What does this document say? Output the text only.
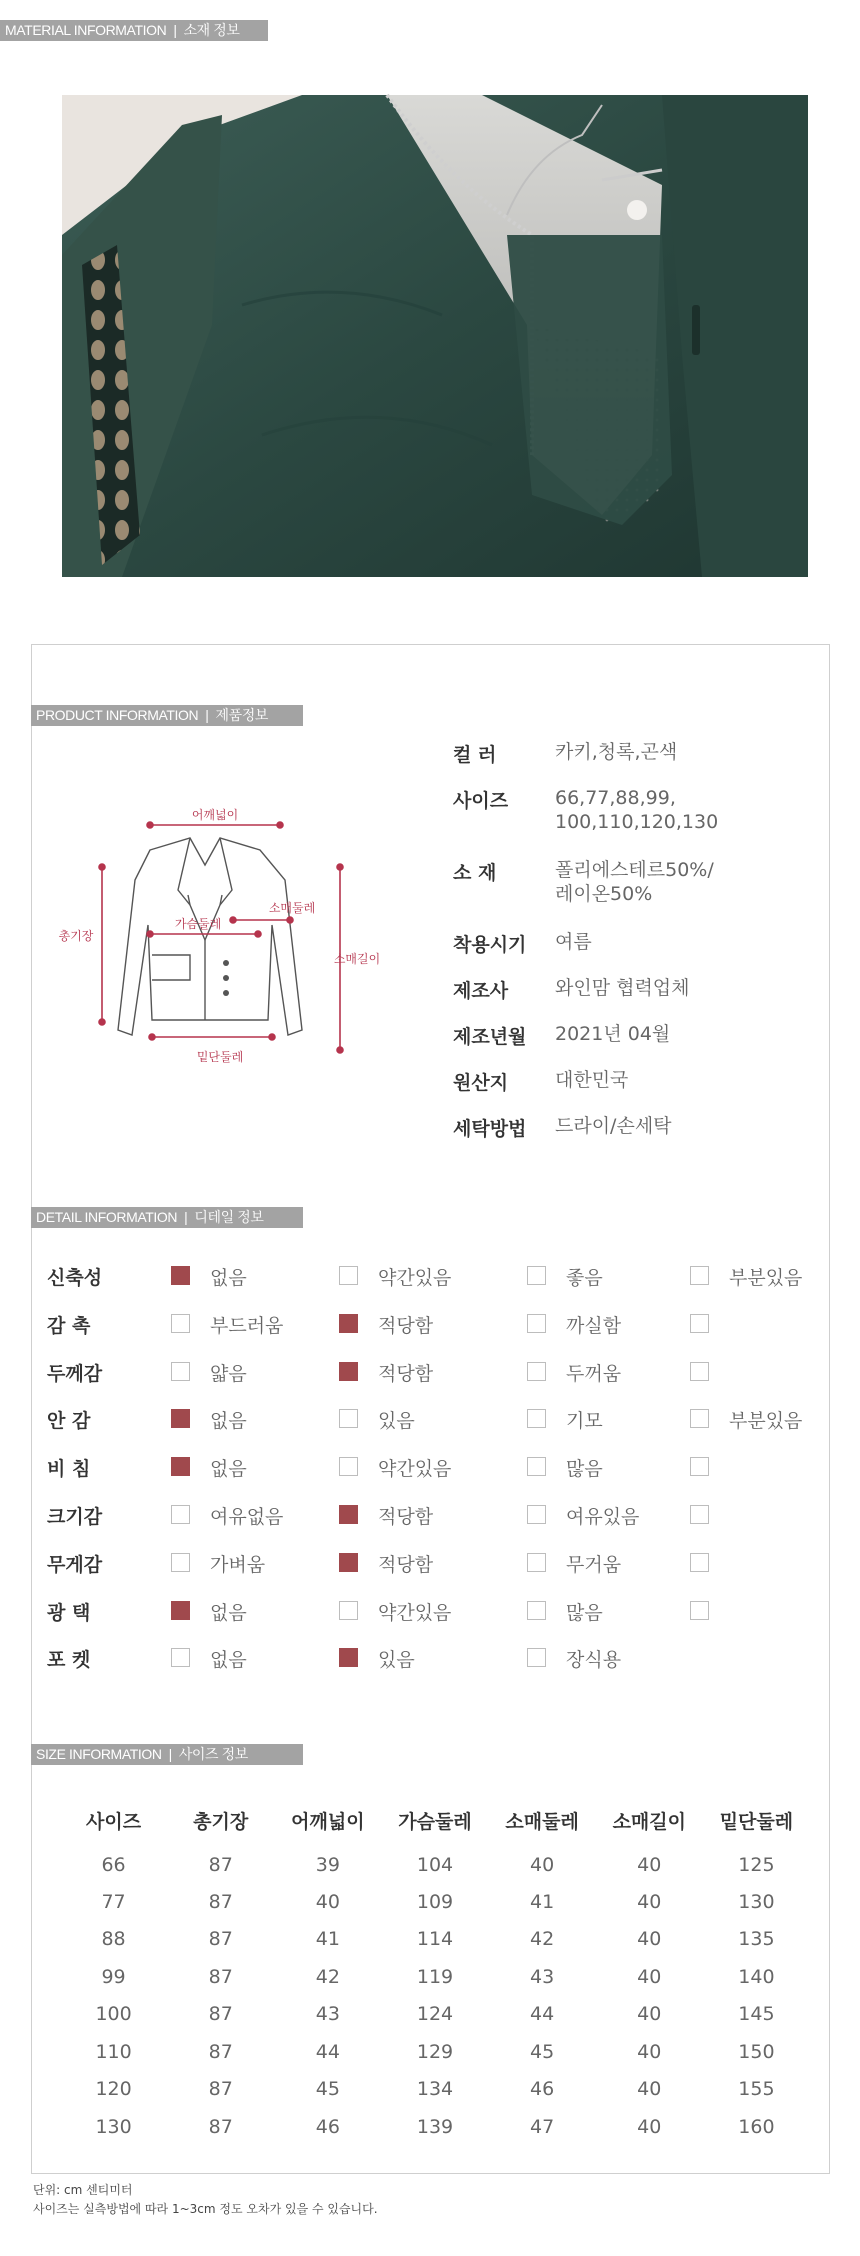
MATERIAL INFORMATION | 소재 정보
PRODUCT INFORMATION | 제품정보
어깨넓이
총기장
가슴둘레
밑단둘레
소매둘레
소매길이
컬 러	카키,청록,곤색
사이즈	66,77,88,99,
100,110,120,130
소 재	폴리에스테르50%/
레이온50%
착용시기	여름
제조사	와인맘 협력업체
제조년월	2021년 04월
원산지	대한민국
세탁방법	드라이/손세탁
DETAIL INFORMATION | 디테일 정보
신축성	없음	약간있음	좋음	부분있음
감 촉	부드러움	적당함	까실함
두께감	얇음	적당함	두꺼움
안 감	없음	있음	기모	부분있음
비 침	없음	약간있음	많음
크기감	여유없음	적당함	여유있음
무게감	가벼움	적당함	무거움
광 택	없음	약간있음	많음
포 켓	없음	있음	장식용
SIZE INFORMATION | 사이즈 정보
사이즈	총기장	어깨넓이	가슴둘레	소매둘레	소매길이	밑단둘레
66	87	39	104	40	40	125
77	87	40	109	41	40	130
88	87	41	114	42	40	135
99	87	42	119	43	40	140
100	87	43	124	44	40	145
110	87	44	129	45	40	150
120	87	45	134	46	40	155
130	87	46	139	47	40	160
단위: cm 센티미터
사이즈는 실측방법에 따라 1~3cm 정도 오차가 있을 수 있습니다.
